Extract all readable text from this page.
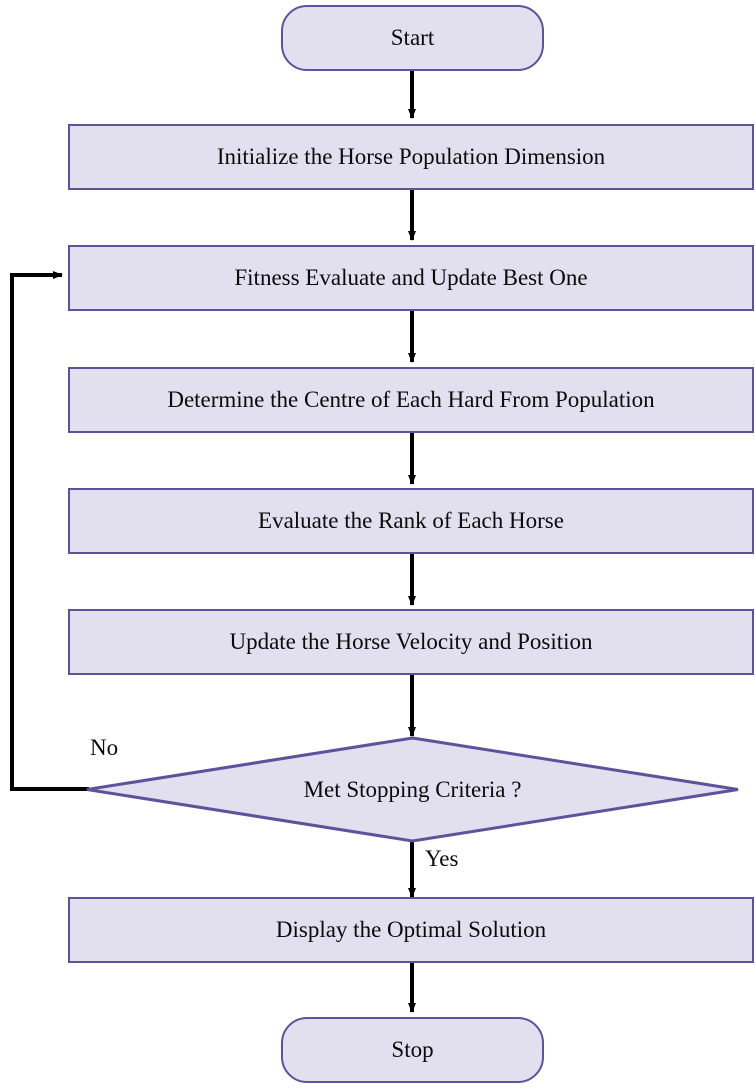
Start
Initialize the Horse Population Dimension
Fitness Evaluate and Update Best One
Determine the Centre of Each Hard From Population
Evaluate the Rank of Each Horse
Update the Horse Velocity and Position
Met Stopping Criteria ?
No
Yes
Display the Optimal Solution
Stop
